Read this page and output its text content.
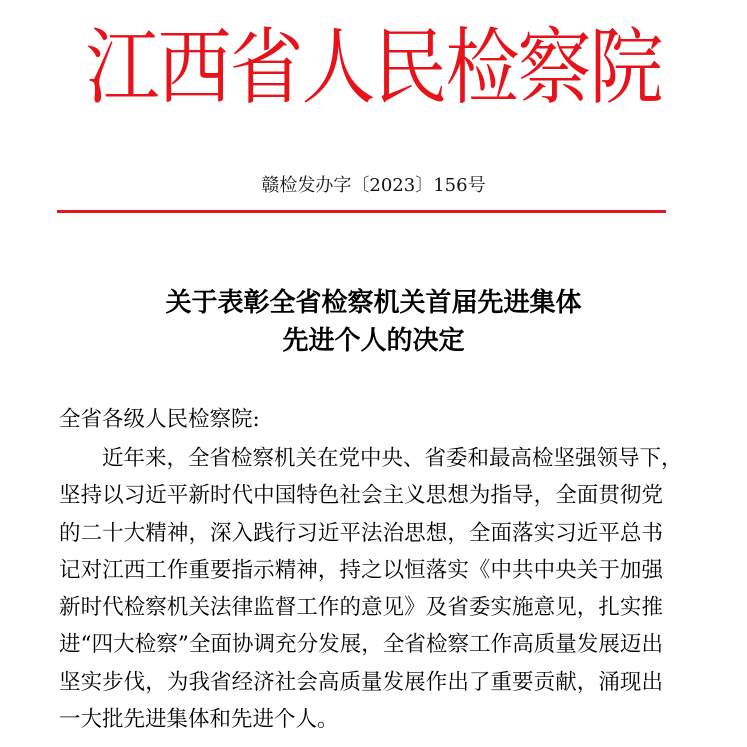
江西省人民检察院
赣检发办字〔2023〕156号
关于表彰全省检察机关首届先进集体
先进个人的决定
全省各级人民检察院:
近年来，全省检察机关在党中央、省委和最高检坚强领导下，
坚持以习近平新时代中国特色社会主义思想为指导，全面贯彻党
的二十大精神，深入践行习近平法治思想，全面落实习近平总书
记对江西工作重要指示精神，持之以恒落实《中共中央关于加强
新时代检察机关法律监督工作的意见》及省委实施意见，扎实推
进“四大检察”全面协调充分发展，全省检察工作高质量发展迈出
坚实步伐，为我省经济社会高质量发展作出了重要贡献，涌现出
一大批先进集体和先进个人。
